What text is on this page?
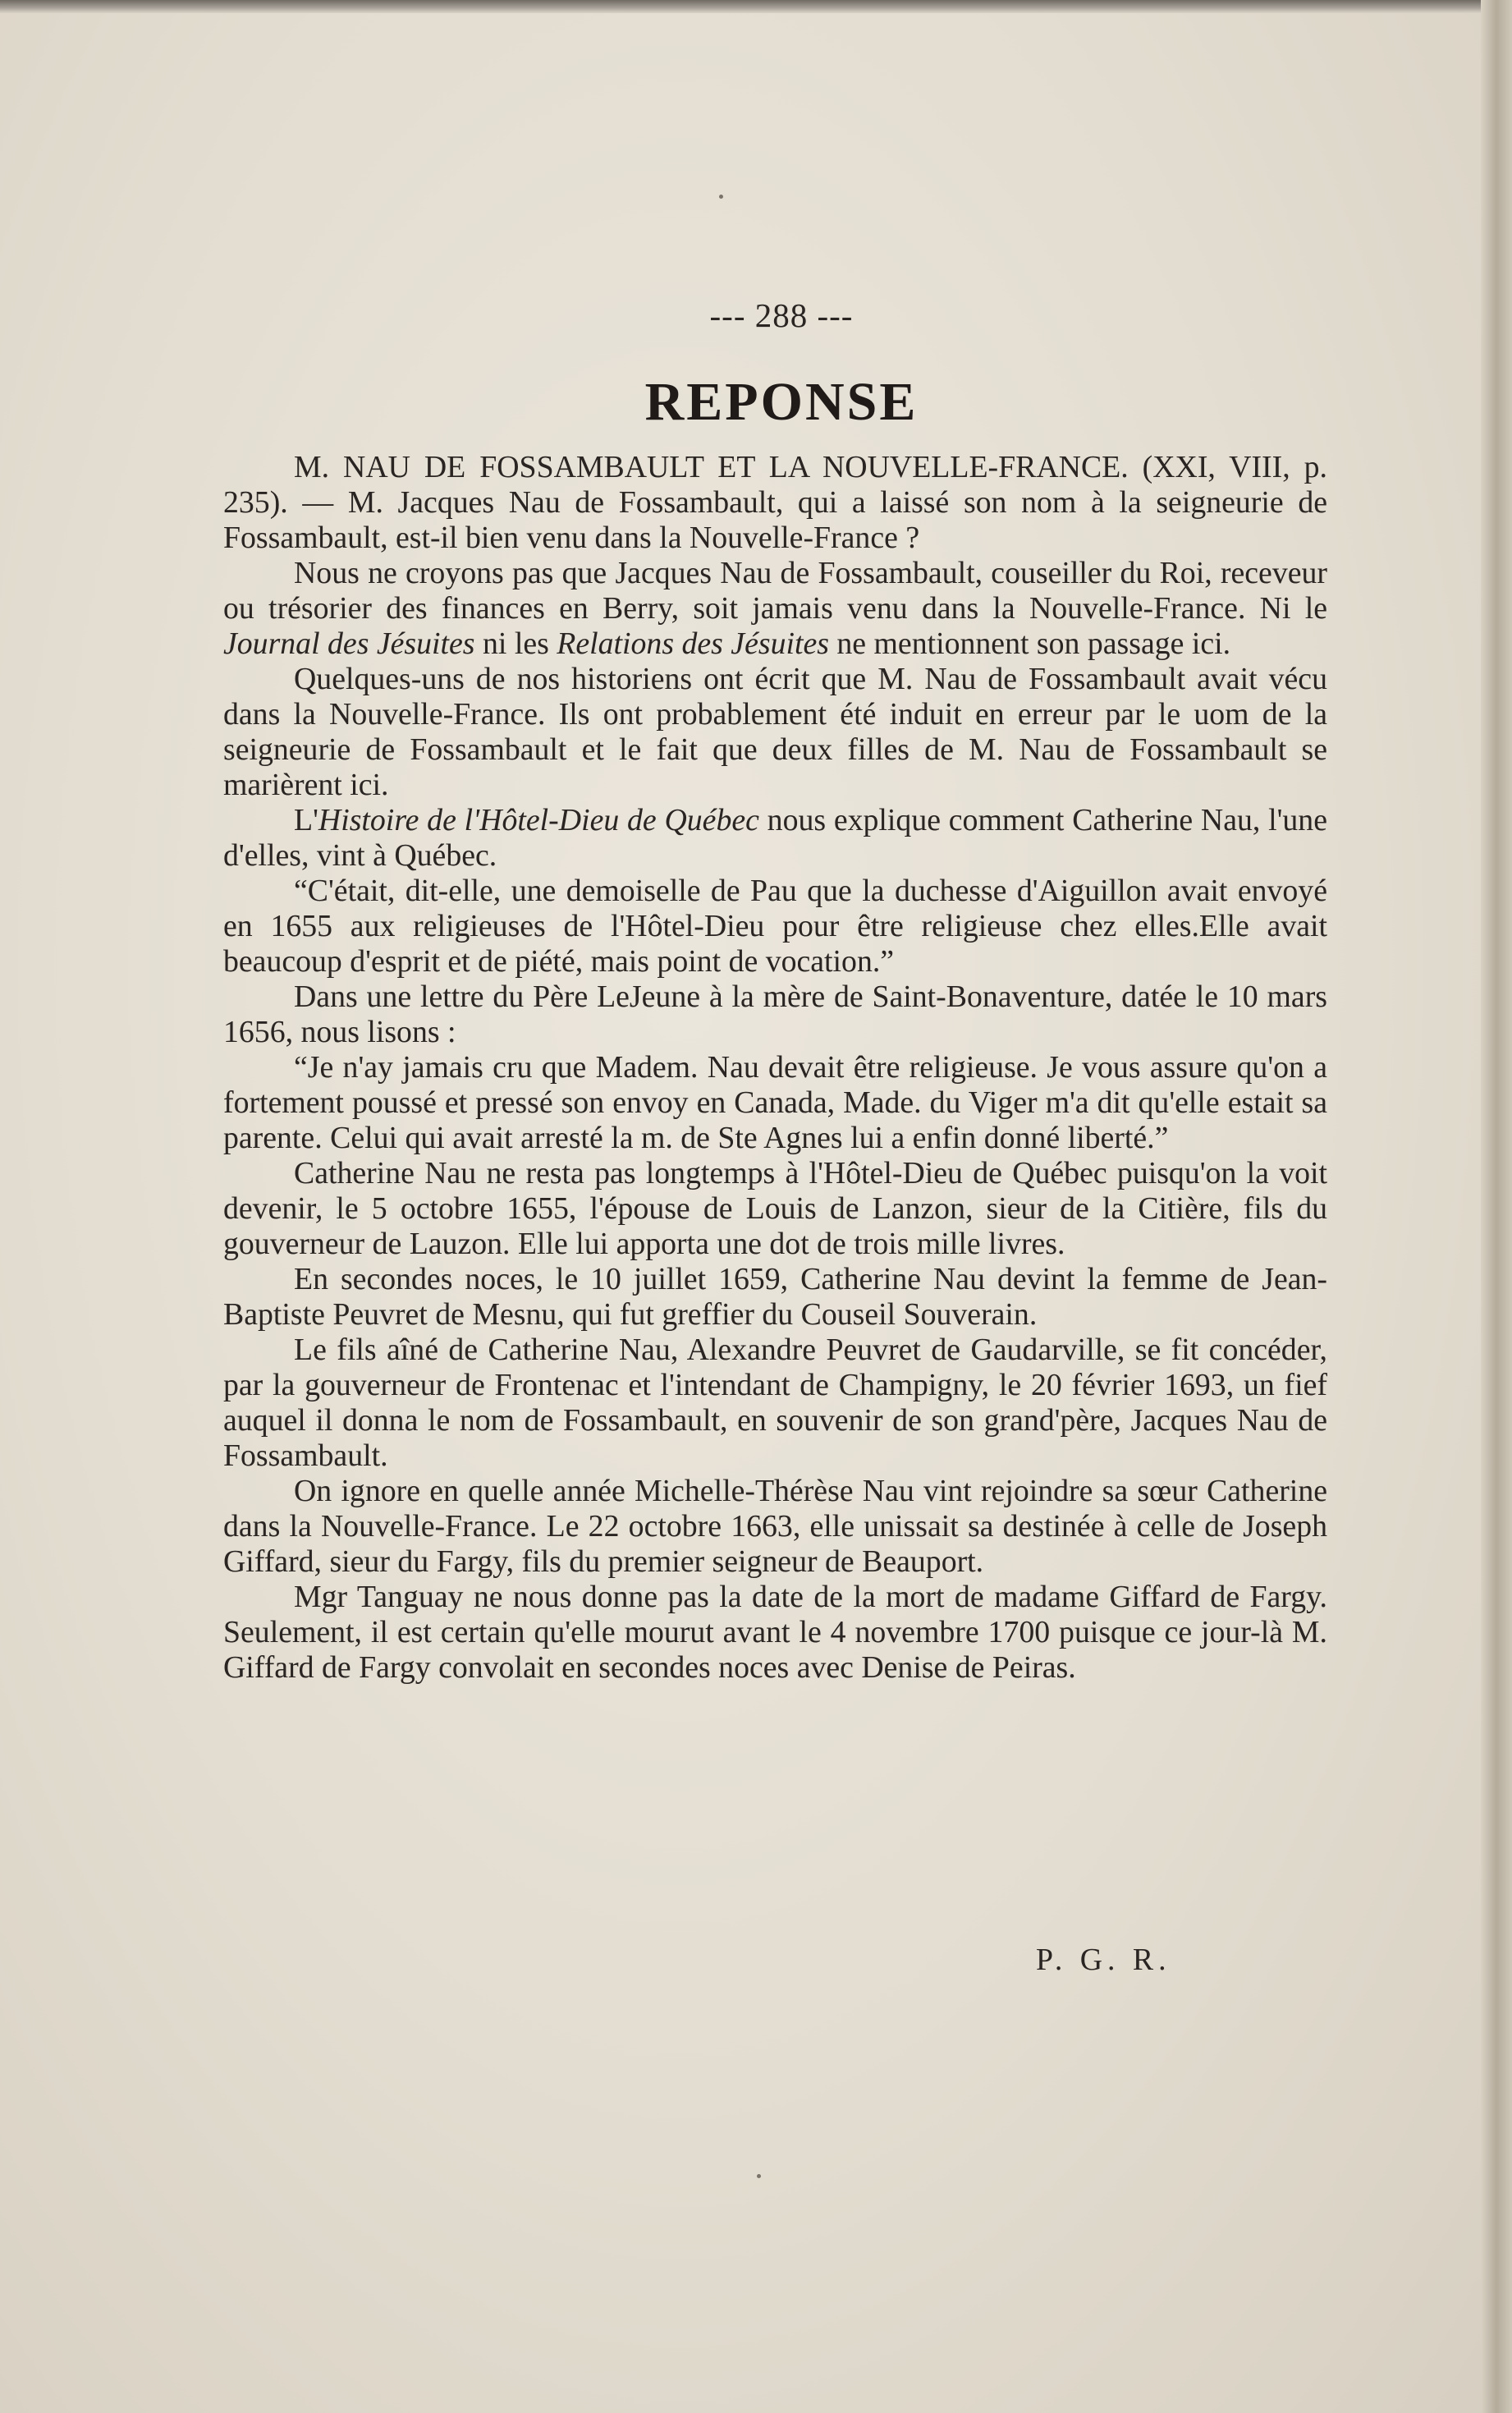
--- 288 ---
REPONSE

M. NAU DE FOSSAMBAULT ET LA NOUVELLE-FRANCE. (XXI, VIII, p. 235). — M. Jacques Nau de Fossambault, qui a laissé son nom à la seigneurie de Fossambault, est-il bien venu dans la Nouvelle-France ?

Nous ne croyons pas que Jacques Nau de Fossambault, couseiller du Roi, receveur ou trésorier des finances en Berry, soit jamais venu dans la Nouvelle-France. Ni le Journal des Jésuites ni les Relations des Jésuites ne mentionnent son passage ici.

Quelques-uns de nos historiens ont écrit que M. Nau de Fossambault avait vécu dans la Nouvelle-France. Ils ont probablement été induit en erreur par le uom de la seigneurie de Fossambault et le fait que deux filles de M. Nau de Fossambault se marièrent ici.

L'Histoire de l'Hôtel-Dieu de Québec nous explique comment Catherine Nau, l'une d'elles, vint à Québec.

“C'était, dit-elle, une demoiselle de Pau que la duchesse d'Aiguillon avait envoyé en 1655 aux religieuses de l'Hôtel-Dieu pour être religieuse chez elles.Elle avait beaucoup d'esprit et de piété, mais point de vocation.”

Dans une lettre du Père LeJeune à la mère de Saint-Bonaventure, datée le 10 mars 1656, nous lisons :

“Je n'ay jamais cru que Madem. Nau devait être religieuse. Je vous assure qu'on a fortement poussé et pressé son envoy en Canada, Made. du Viger m'a dit qu'elle estait sa parente. Celui qui avait arresté la m. de Ste Agnes lui a enfin donné liberté.”

Catherine Nau ne resta pas longtemps à l'Hôtel-Dieu de Québec puisqu'on la voit devenir, le 5 octobre 1655, l'épouse de Louis de Lanzon, sieur de la Citière, fils du gouverneur de Lauzon. Elle lui apporta une dot de trois mille livres.

En secondes noces, le 10 juillet 1659, Catherine Nau devint la femme de Jean-Baptiste Peuvret de Mesnu, qui fut greffier du Couseil Souverain.

Le fils aîné de Catherine Nau, Alexandre Peuvret de Gaudarville, se fit concéder, par la gouverneur de Frontenac et l'intendant de Champigny, le 20 février 1693, un fief auquel il donna le nom de Fossambault, en souvenir de son grand'père, Jacques Nau de Fossambault.

On ignore en quelle année Michelle-Thérèse Nau vint rejoindre sa sœur Catherine dans la Nouvelle-France. Le 22 octobre 1663, elle unissait sa destinée à celle de Joseph Giffard, sieur du Fargy, fils du premier seigneur de Beauport.

Mgr Tanguay ne nous donne pas la date de la mort de madame Giffard de Fargy. Seulement, il est certain qu'elle mourut avant le 4 novembre 1700 puisque ce jour-là M. Giffard de Fargy convolait en secondes noces avec Denise de Peiras.

P. G. R.
